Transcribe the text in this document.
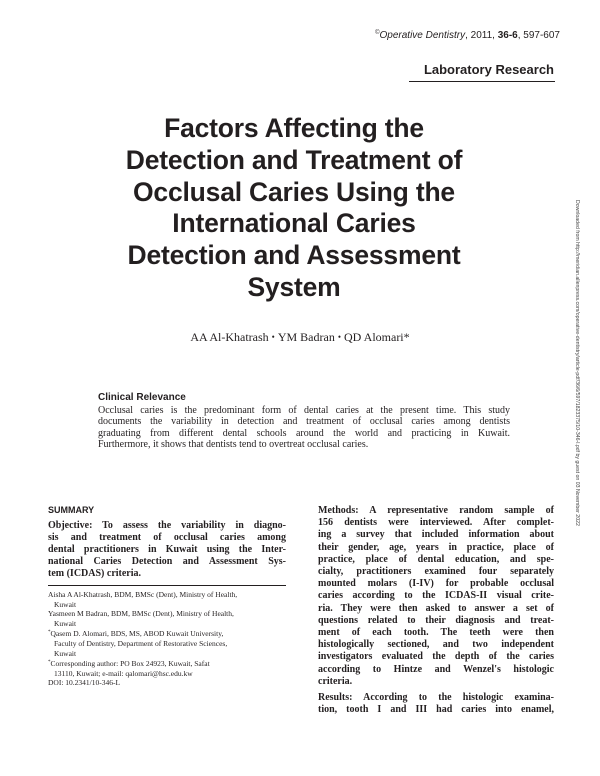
©Operative Dentistry, 2011, 36-6, 597-607
Laboratory Research
Factors Affecting the
Detection and Treatment of
Occlusal Caries Using the
International Caries
Detection and Assessment
System
AA Al-Khatrash • YM Badran • QD Alomari*
Clinical Relevance
Occlusal caries is the predominant form of dental caries at the present time. This study
documents the variability in detection and treatment of occlusal caries among dentists
graduating from different dental schools around the world and practicing in Kuwait.
Furthermore, it shows that dentists tend to overtreat occlusal caries.
SUMMARY
Objective: To assess the variability in diagno-
sis and treatment of occlusal caries among
dental practitioners in Kuwait using the Inter-
national Caries Detection and Assessment Sys-
tem (ICDAS) criteria.
Aisha A Al-Khatrash, BDM, BMSc (Dent), Ministry of Health,
Kuwait
Yasmeen M Badran, BDM, BMSc (Dent), Ministry of Health,
Kuwait
*Qasem D. Alomari, BDS, MS, ABOD Kuwait University,
Faculty of Dentistry, Department of Restorative Sciences,
Kuwait
*Corresponding author: PO Box 24923, Kuwait, Safat
13110, Kuwait; e-mail: qalomari@hsc.edu.kw
DOI: 10.2341/10-346-L
Methods: A representative random sample of
156 dentists were interviewed. After complet-
ing a survey that included information about
their gender, age, years in practice, place of
practice, place of dental education, and spe-
cialty, practitioners examined four separately
mounted molars (I-IV) for probable occlusal
caries according to the ICDAS-II visual crite-
ria. They were then asked to answer a set of
questions related to their diagnosis and treat-
ment of each tooth. The teeth were then
histologically sectioned, and two independent
investigators evaluated the depth of the caries
according to Hintze and Wenzel's histologic
criteria.
Results: According to the histologic examina-
tion, tooth I and III had caries into enamel,
Downloaded from http://meridian.allenpress.com/operative-dentistry/article-pdf/36/6/597/1823375/10-346-l.pdf by guest on 03 November 2022
